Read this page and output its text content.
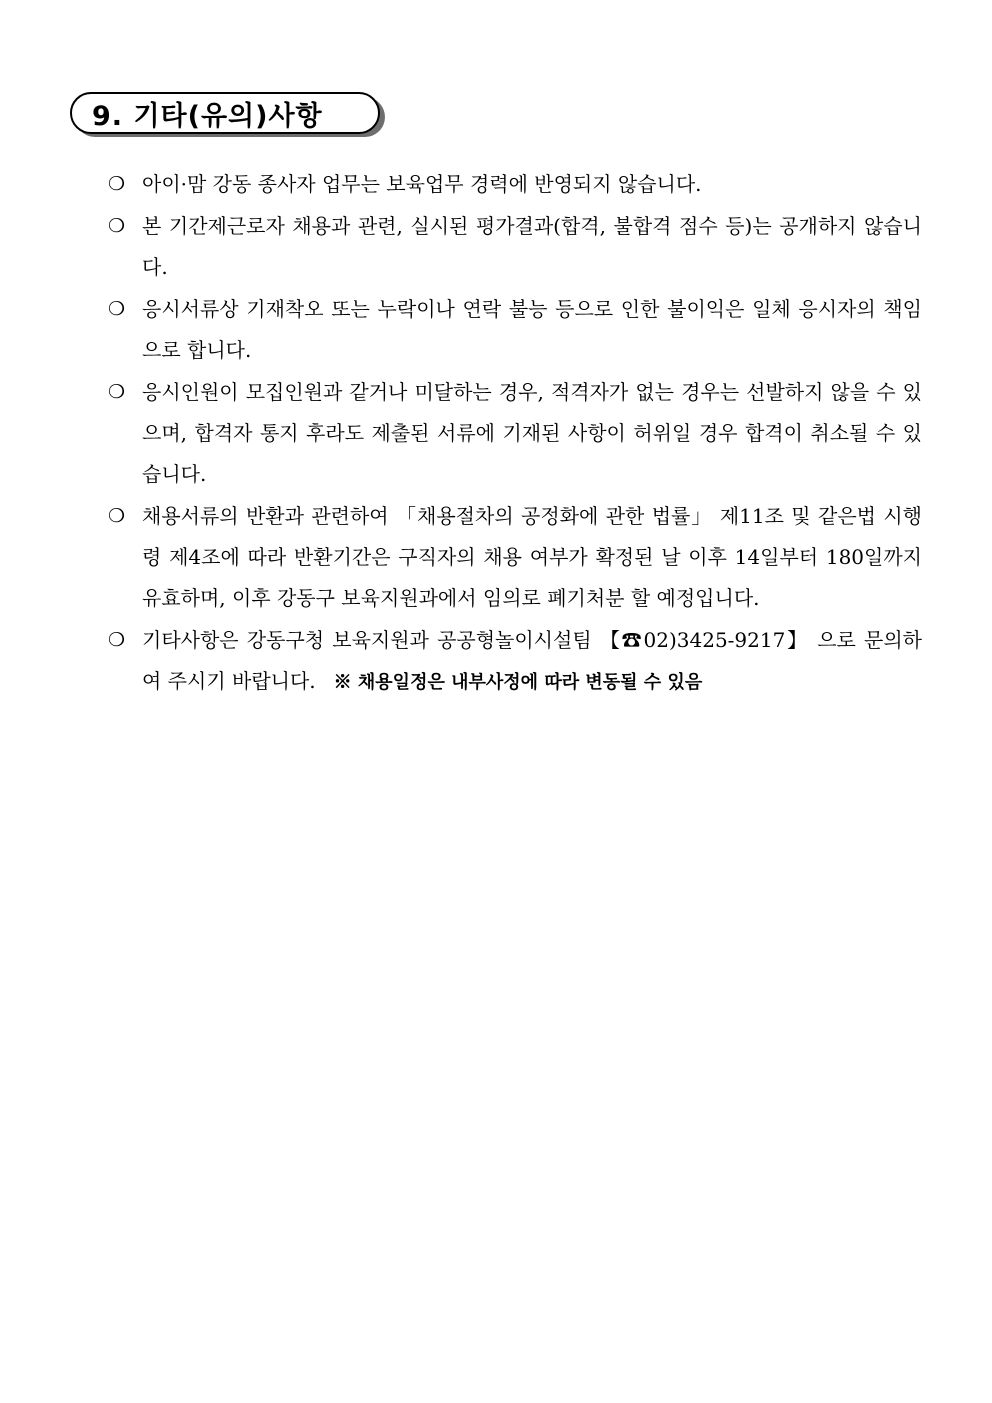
9. 기타(유의)사항
❍ 아이·맘 강동 종사자 업무는 보육업무 경력에 반영되지 않습니다.
❍ 본 기간제근로자 채용과 관련, 실시된 평가결과(합격, 불합격 점수 등)는 공개하지 않습니다.
❍ 응시서류상 기재착오 또는 누락이나 연락 불능 등으로 인한 불이익은 일체 응시자의 책임으로 합니다.
❍ 응시인원이 모집인원과 같거나 미달하는 경우, 적격자가 없는 경우는 선발하지 않을 수 있으며, 합격자 통지 후라도 제출된 서류에 기재된 사항이 허위일 경우 합격이 취소될 수 있습니다.
❍ 채용서류의 반환과 관련하여 「채용절차의 공정화에 관한 법률」 제11조 및 같은법 시행령 제4조에 따라 반환기간은 구직자의 채용 여부가 확정된 날 이후 14일부터 180일까지 유효하며, 이후 강동구 보육지원과에서 임의로 폐기처분 할 예정입니다.
❍ 기타사항은 강동구청 보육지원과 공공형놀이시설팀 【☎02)3425-9217】 으로 문의하여 주시기 바랍니다. ※ 채용일정은 내부사정에 따라 변동될 수 있음
